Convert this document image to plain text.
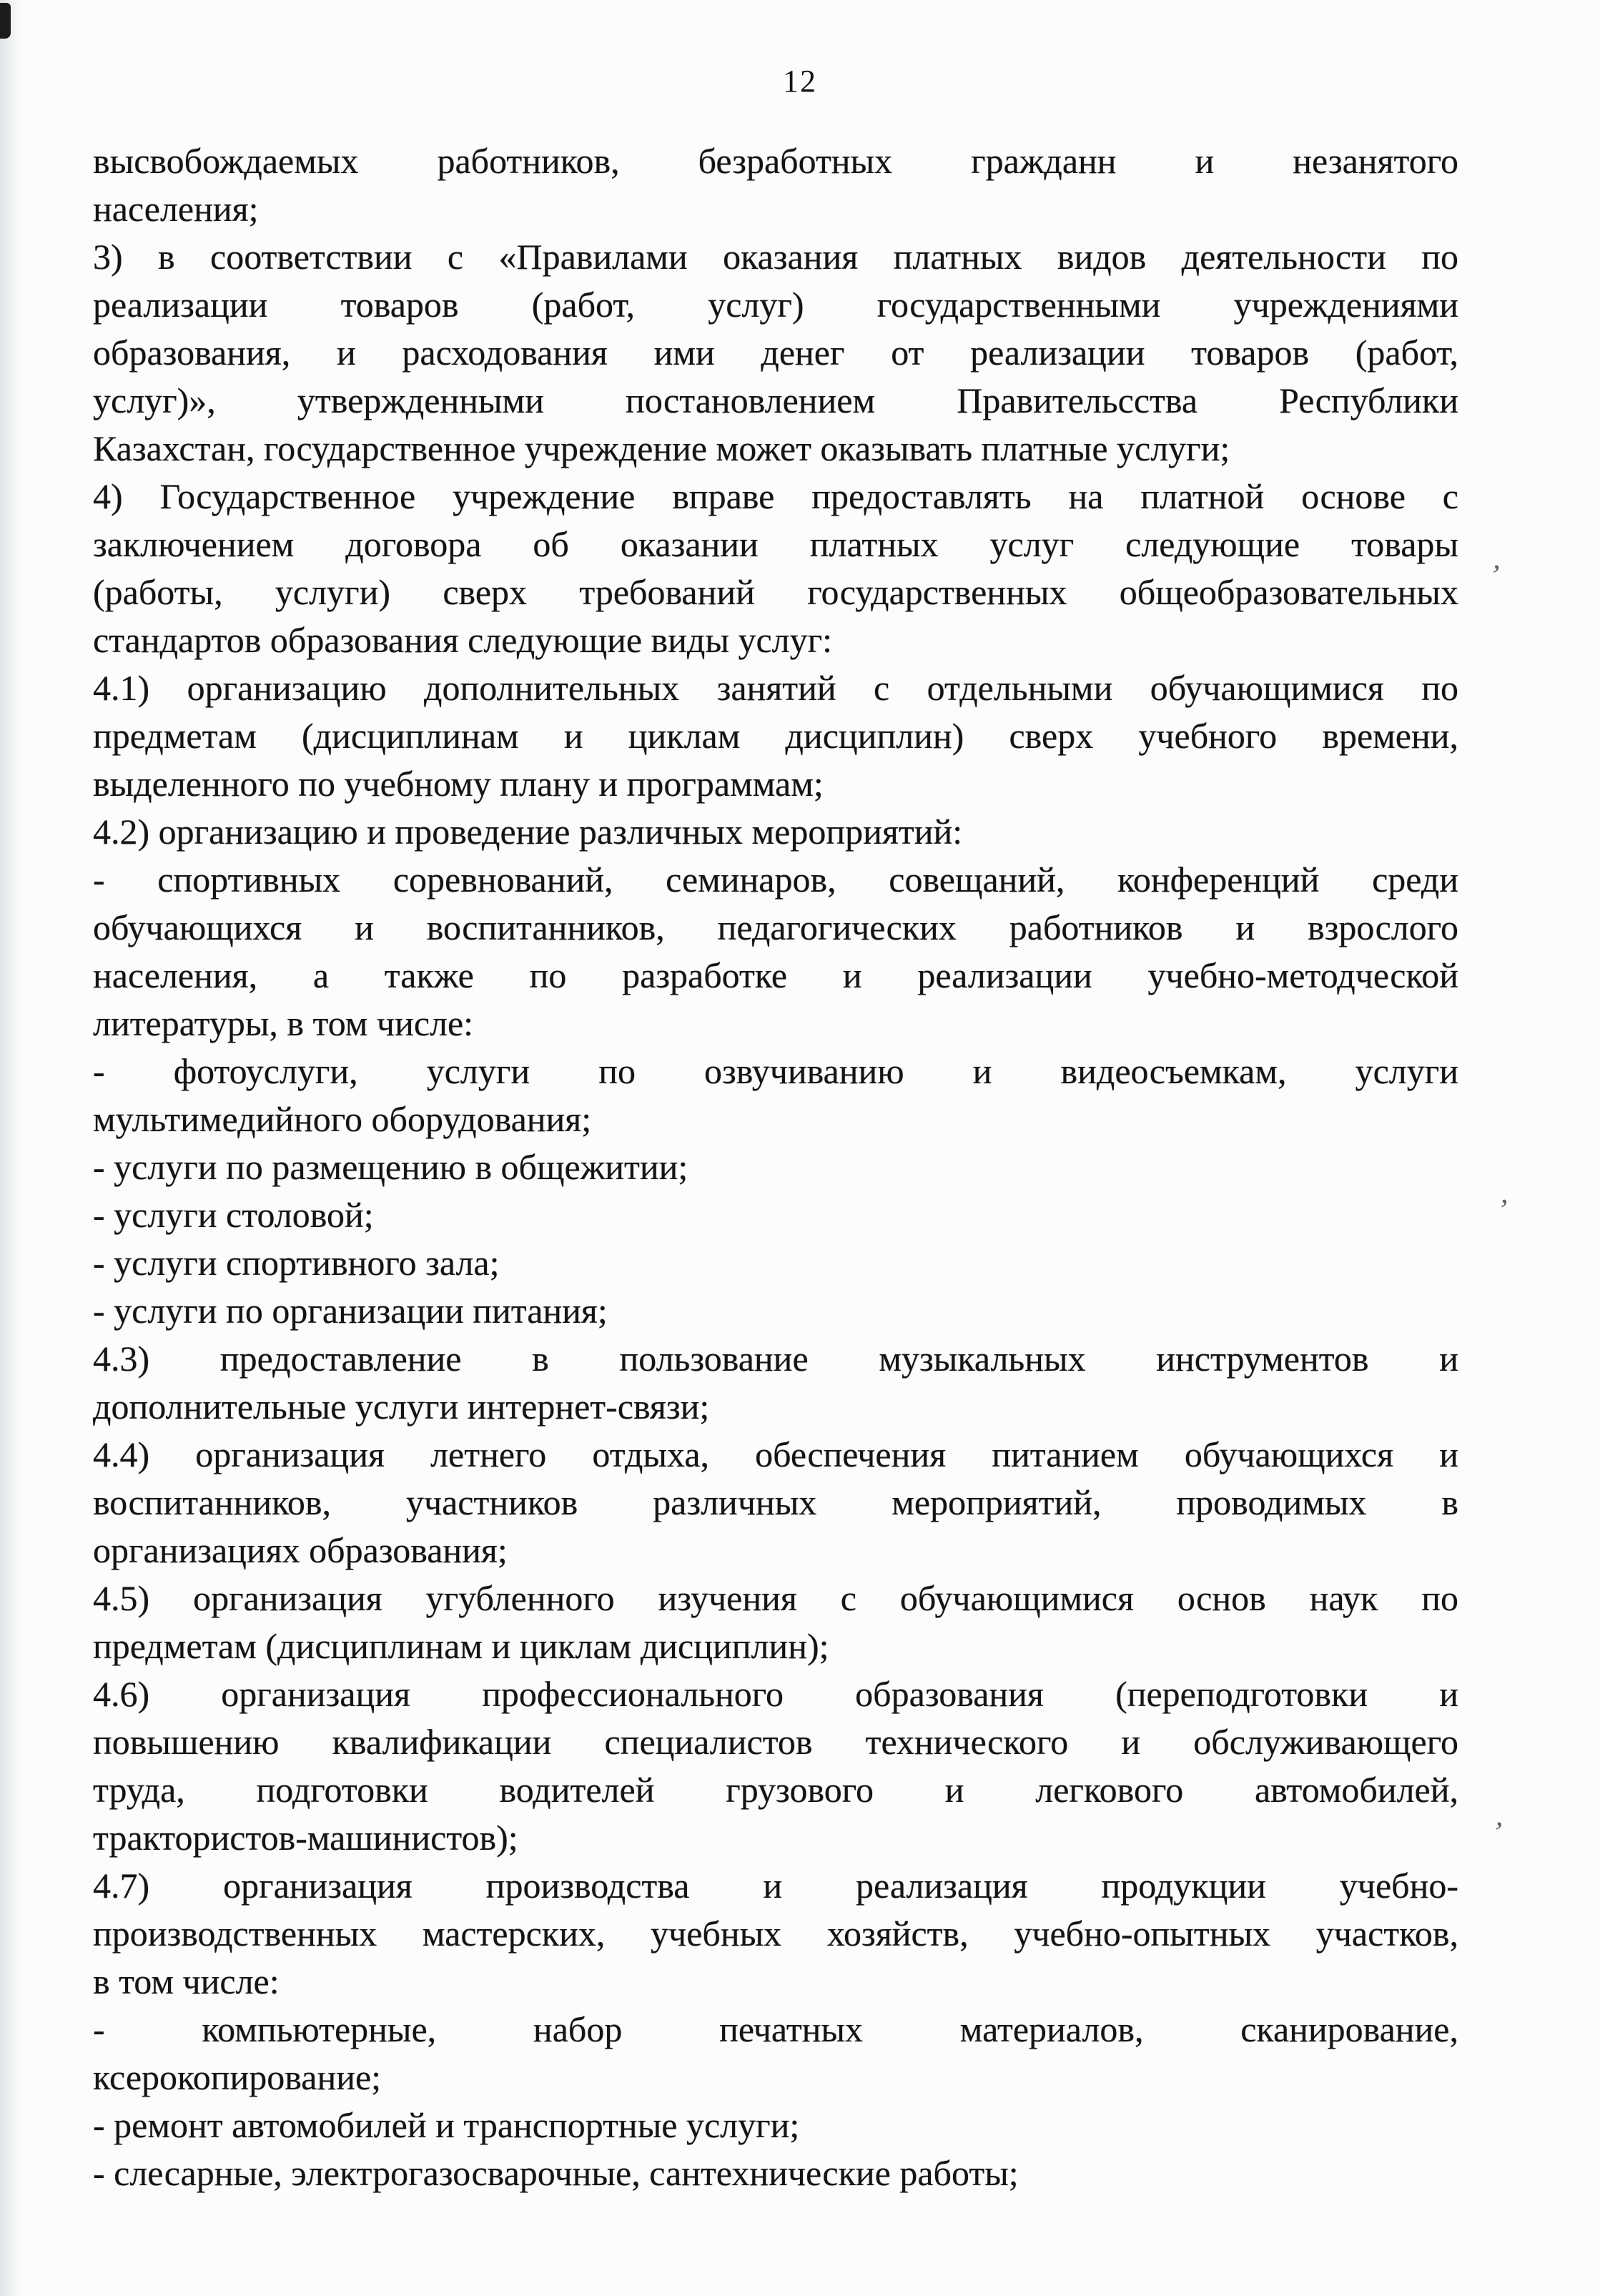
12
высвобождаемых работников, безработных гражданн и незанятого
населения;
3) в соответствии с «Правилами оказания платных видов деятельности по
реализации товаров (работ, услуг) государственными учреждениями
образования, и расходования ими денег от реализации товаров (работ,
услуг)», утвержденными постановлением Правительсства Республики
Казахстан, государственное учреждение может оказывать платные услуги;
4) Государственное учреждение вправе предоставлять на платной основе с
заключением договора об оказании платных услуг следующие товары
(работы, услуги) сверх требований государственных общеобразовательных
стандартов образования следующие виды услуг:
4.1) организацию дополнительных занятий с отдельными обучающимися по
предметам (дисциплинам и циклам дисциплин) сверх учебного времени,
выделенного по учебному плану и программам;
4.2) организацию и проведение различных мероприятий:
- спортивных соревнований, семинаров, совещаний, конференций среди
обучающихся и воспитанников, педагогических работников и взрослого
населения, а также по разработке и реализации учебно-методческой
литературы, в том числе:
- фотоуслуги, услуги по озвучиванию и видеосъемкам, услуги
мультимедийного оборудования;
- услуги по размещению в общежитии;
- услуги столовой;
- услуги спортивного зала;
- услуги по организации питания;
4.3) предоставление в пользование музыкальных инструментов и
дополнительные услуги интернет-связи;
4.4) организация летнего отдыха, обеспечения питанием обучающихся и
воспитанников, участников различных мероприятий, проводимых в
организациях образования;
4.5) организация угубленного изучения с обучающимися основ наук по
предметам (дисциплинам и циклам дисциплин);
4.6) организация профессионального образования (переподготовки и
повышению квалификации специалистов технического и обслуживающего
труда, подготовки водителей грузового и легкового автомобилей,
трактористов-машинистов);
4.7) организация производства и реализация продукции учебно-
производственных мастерских, учебных хозяйств, учебно-опытных участков,
в том числе:
- компьютерные, набор печатных материалов, сканирование,
ксерокопирование;
- ремонт автомобилей и транспортные услуги;
- слесарные, электрогазосварочные, сантехнические работы;
,
,
,
